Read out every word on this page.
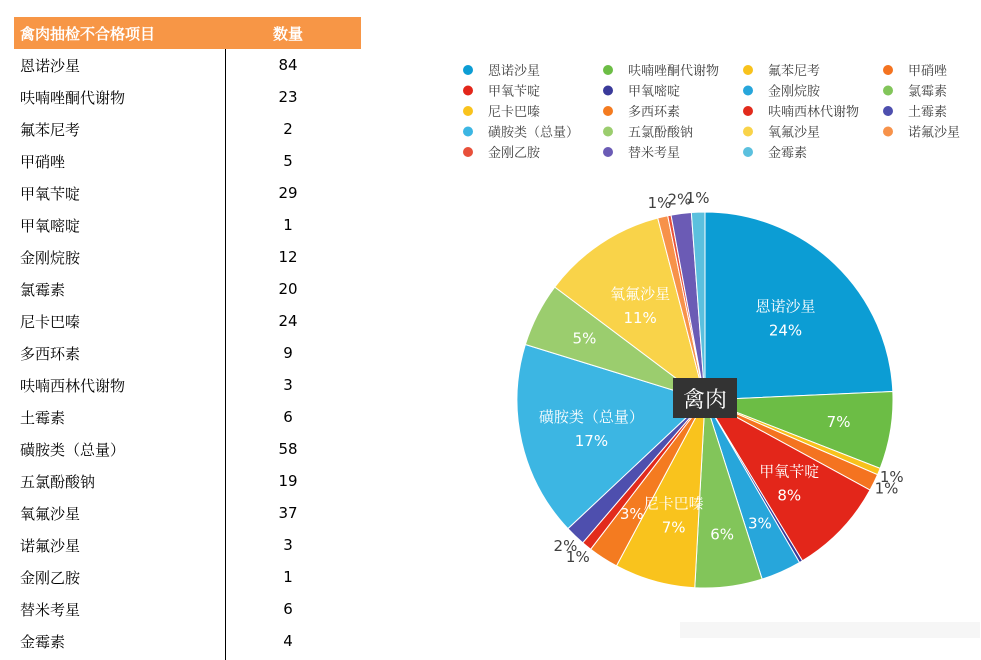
禽肉抽检不合格项目	数量
恩诺沙星	84
呋喃唑酮代谢物	23
氟苯尼考	2
甲硝唑	5
甲氧苄啶	29
甲氧嘧啶	1
金刚烷胺	12
氯霉素	20
尼卡巴嗪	24
多西环素	9
呋喃西林代谢物	3
土霉素	6
磺胺类（总量）	58
五氯酚酸钠	19
氧氟沙星	37
诺氟沙星	3
金刚乙胺	1
替米考星	6
金霉素	4
恩诺沙星	呋喃唑酮代谢物	氟苯尼考	甲硝唑
甲氧苄啶	甲氧嘧啶	金刚烷胺	氯霉素
尼卡巴嗪	多西环素	呋喃西林代谢物	土霉素
磺胺类（总量）	五氯酚酸钠	氧氟沙星	诺氟沙星
金刚乙胺	替米考星	金霉素
恩诺沙星
24%
7%
1%
1%
甲氧苄啶
8%
3%
6%
尼卡巴嗪
7%
3%
1%
2%
磺胺类（总量）
17%
5%
氧氟沙星
11%
1%
2%
1%
禽肉
